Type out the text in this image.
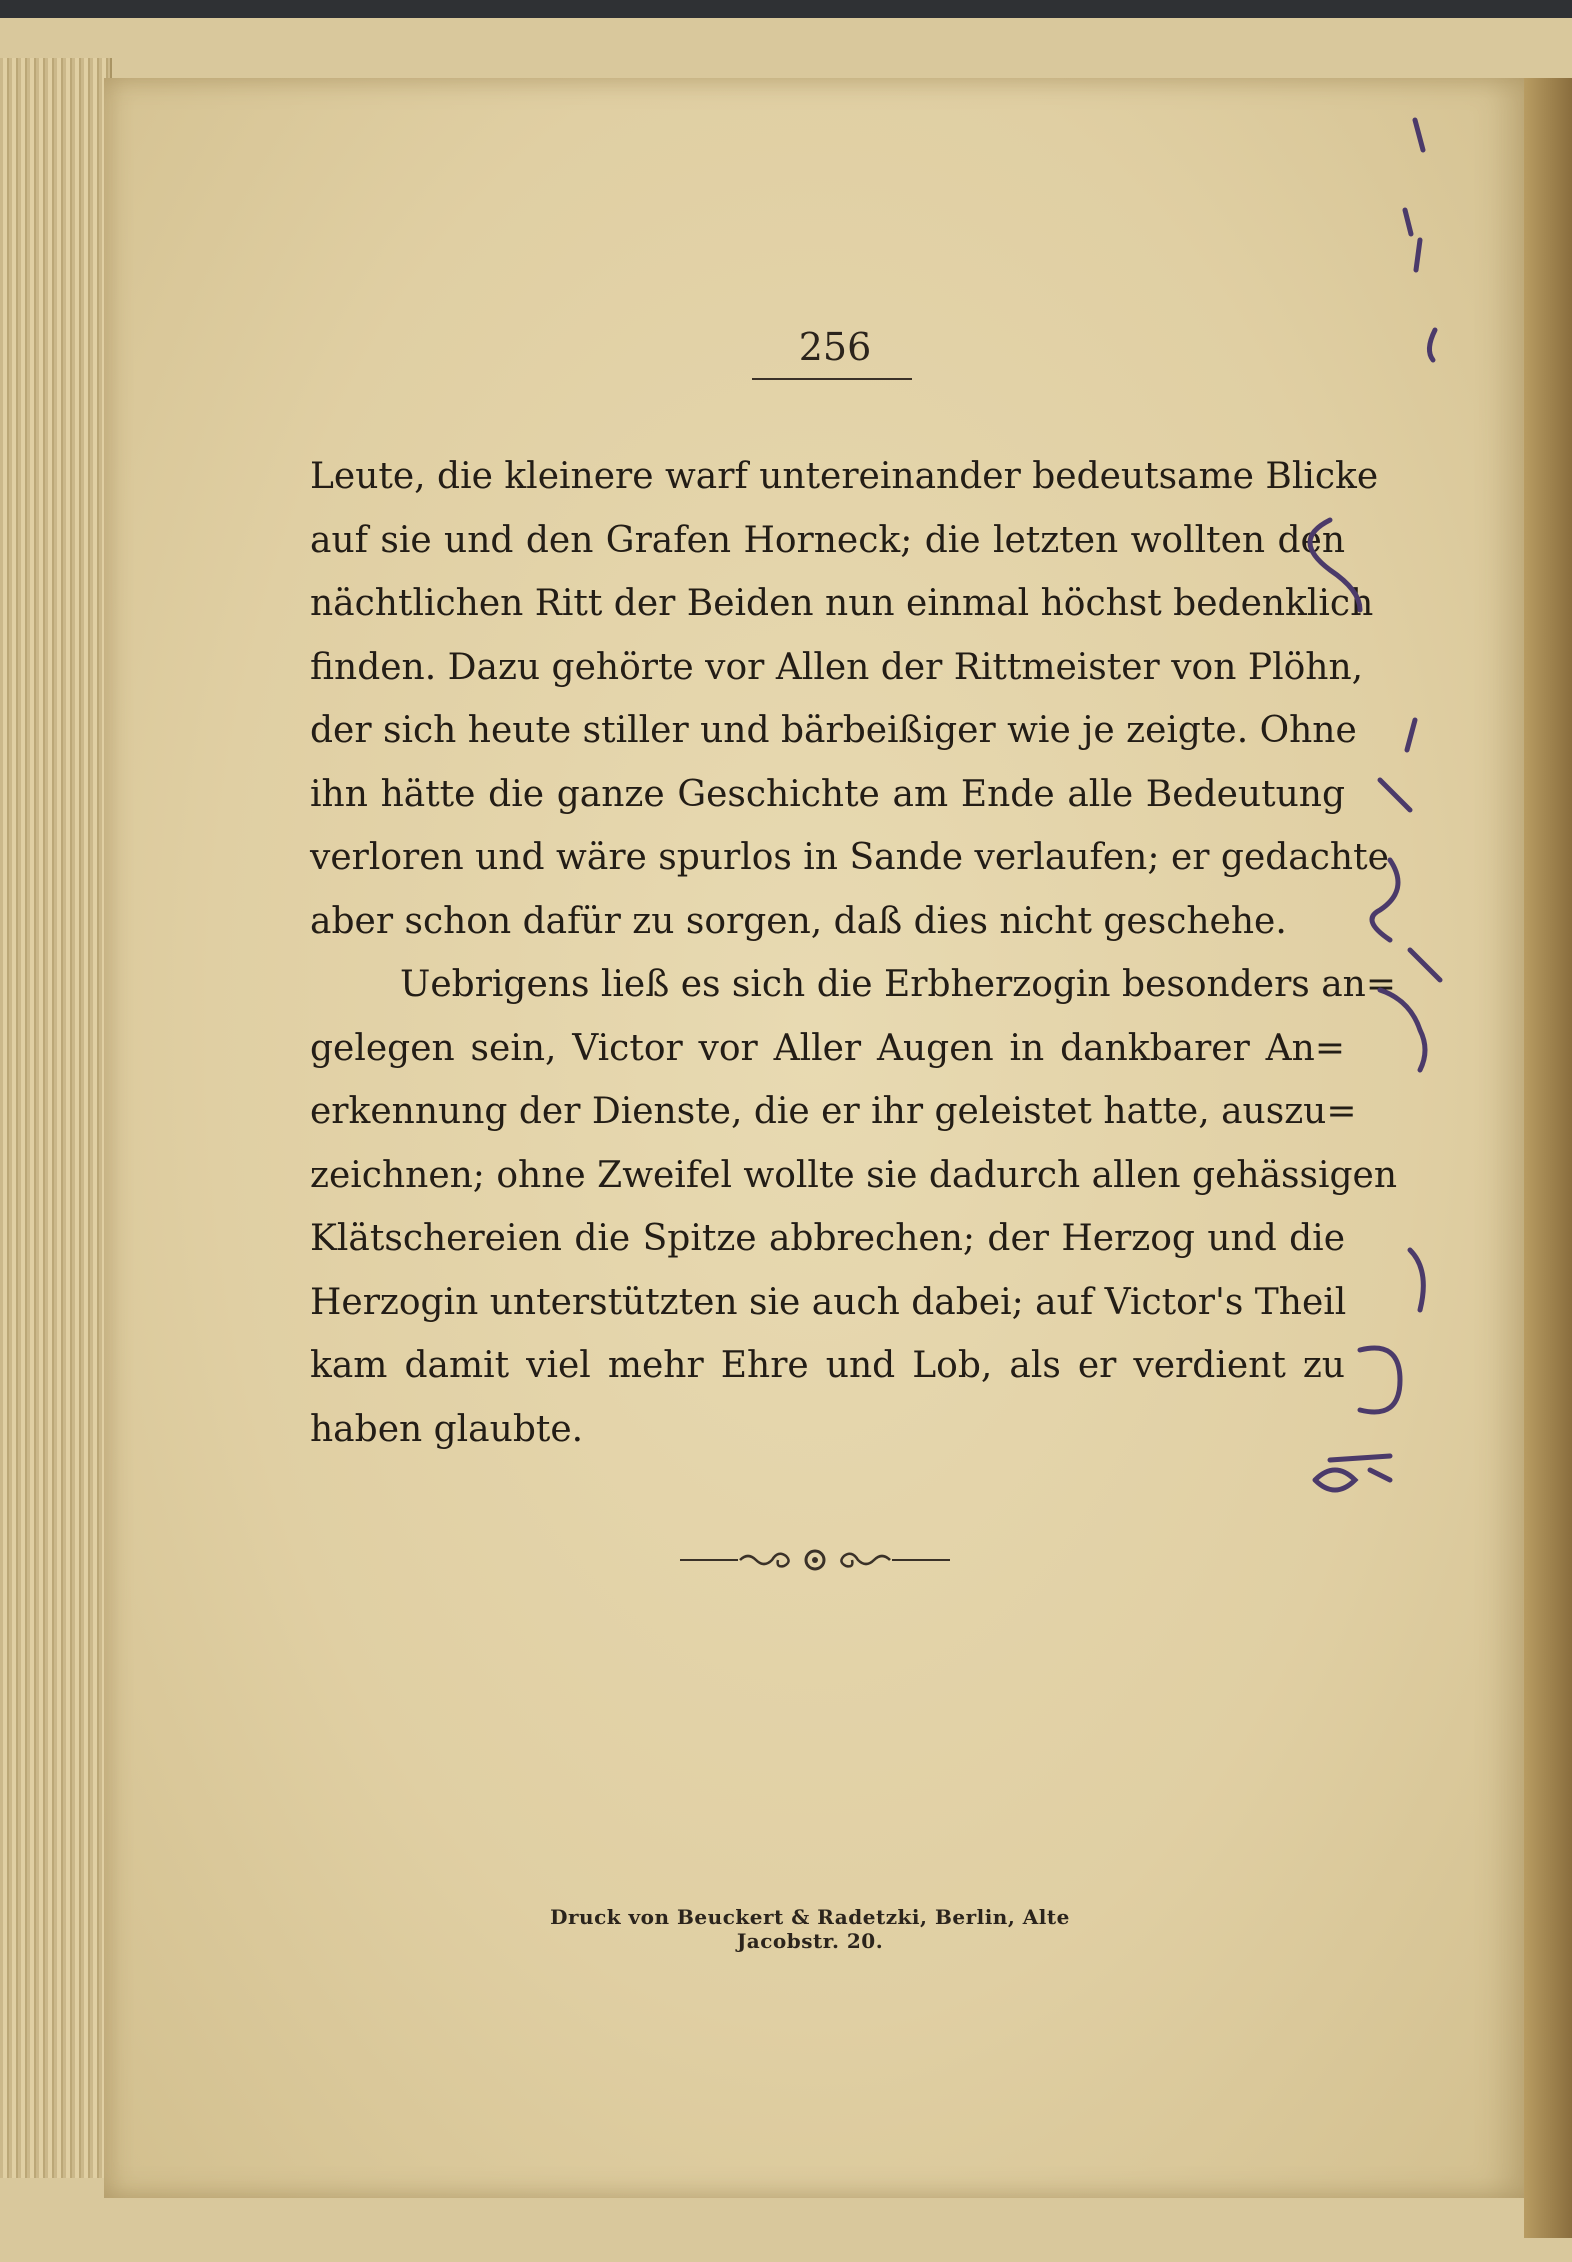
256
Leute, die kleinere warf untereinander bedeutsame Blicke
auf sie und den Grafen Horneck; die letzten wollten den
nächtlichen Ritt der Beiden nun einmal höchst bedenklich
finden. Dazu gehörte vor Allen der Rittmeister von Plöhn,
der sich heute stiller und bärbeißiger wie je zeigte. Ohne
ihn hätte die ganze Geschichte am Ende alle Bedeutung
verloren und wäre spurlos in Sande verlaufen; er gedachte
aber schon dafür zu sorgen, daß dies nicht geschehe.
Uebrigens ließ es sich die Erbherzogin besonders an=
gelegen sein, Victor vor Aller Augen in dankbarer An=
erkennung der Dienste, die er ihr geleistet hatte, auszu=
zeichnen; ohne Zweifel wollte sie dadurch allen gehässigen
Klätschereien die Spitze abbrechen; der Herzog und die
Herzogin unterstützten sie auch dabei; auf Victor's Theil
kam damit viel mehr Ehre und Lob, als er verdient zu
haben glaubte.
Druck von Beuckert & Radetzki, Berlin, Alte Jacobstr. 20.
